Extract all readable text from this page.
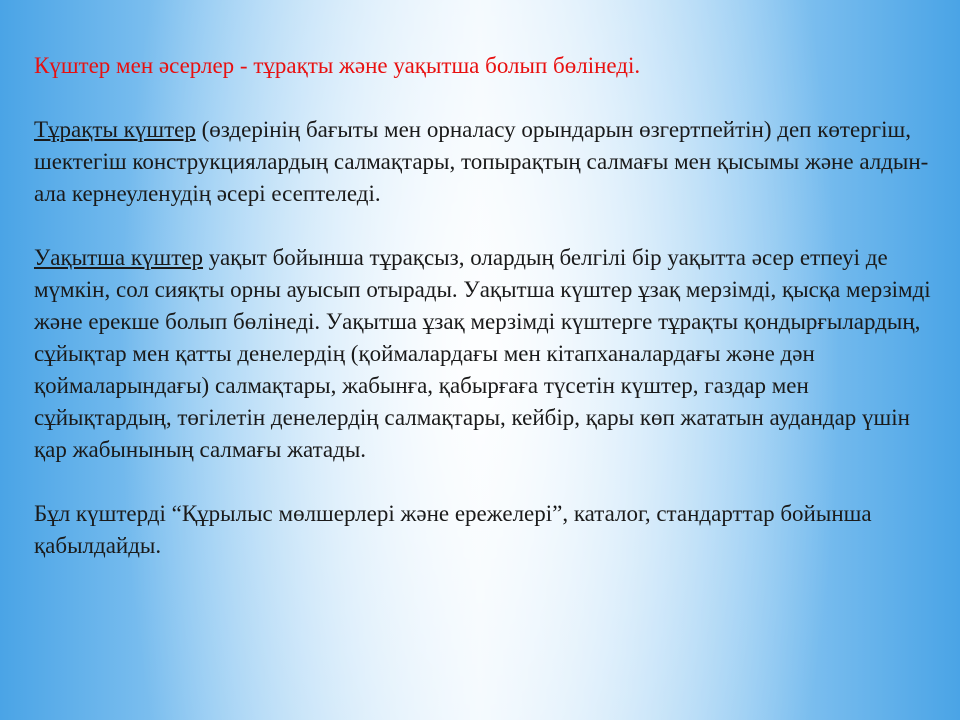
Күштер мен әсерлер - тұрақты және уақытша болып бөлінеді.

Тұрақты күштер (өздерінің бағыты мен орналасу орындарын өзгертпейтін) деп көтергіш, шектегіш конструкциялардың салмақтары, топырақтың салмағы мен қысымы және алдын-ала кернеуленудің әсері есептеледі.

Уақытша күштер уақыт бойынша тұрақсыз, олардың белгілі бір уақытта әсер етпеуі де мүмкін, сол сияқты орны ауысып отырады. Уақытша күштер ұзақ мерзімді, қысқа мерзімді және ерекше болып бөлінеді. Уақытша ұзақ мерзімді күштерге тұрақты қондырғылардың, сұйықтар мен қатты денелердің (қоймалардағы мен кітапханалардағы және дән қоймаларындағы) салмақтары, жабынға, қабырғаға түсетін күштер, газдар мен сұйықтардың, төгілетін денелердің салмақтары, кейбір, қары көп жататын аудандар үшін қар жабынының салмағы жатады.

Бұл күштерді “Құрылыс мөлшерлері және ережелері”, каталог, стандарттар бойынша қабылдайды.
